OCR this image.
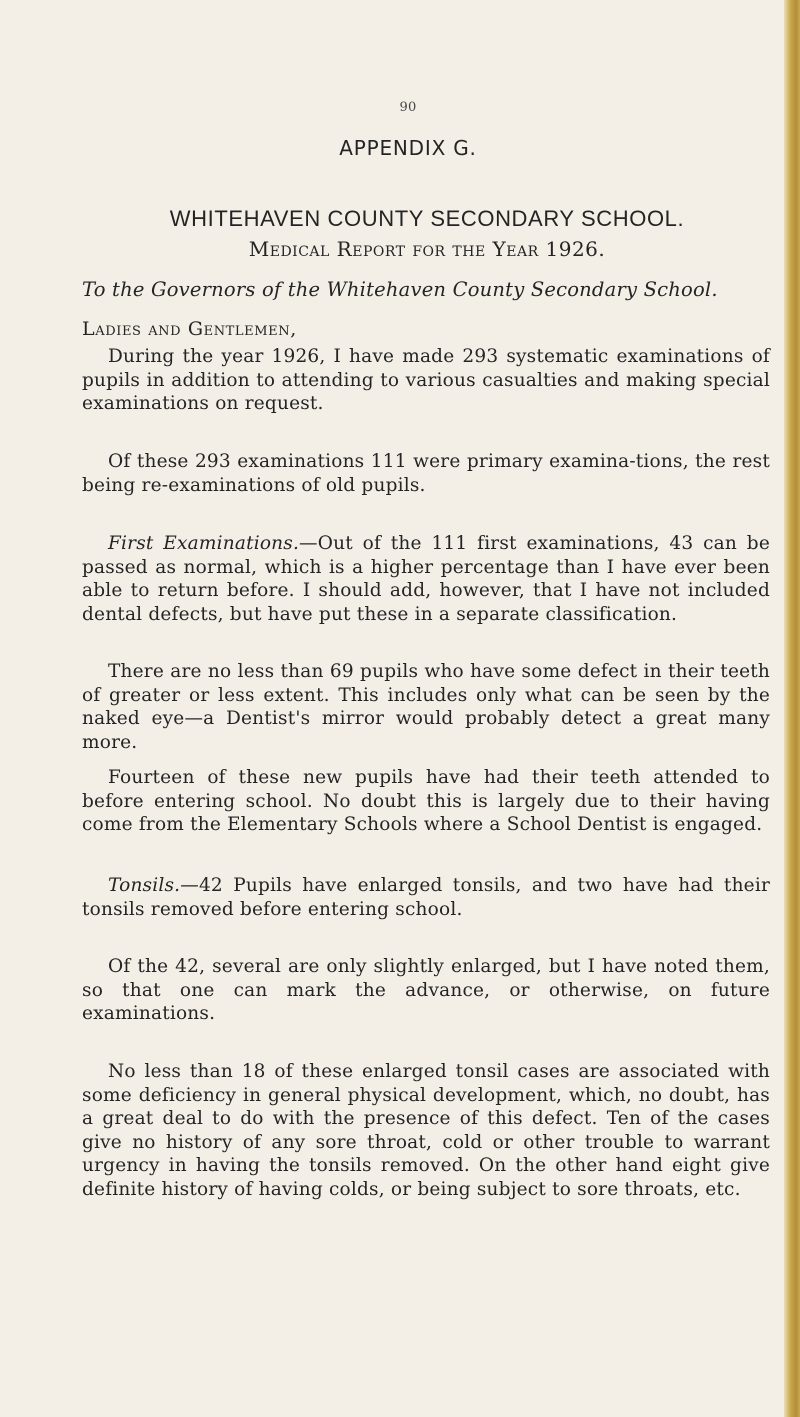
90
APPENDIX G.
WHITEHAVEN COUNTY SECONDARY SCHOOL.
Medical Report for the Year 1926.
To the Governors of the Whitehaven County Secondary School.
Ladies and Gentlemen,

During the year 1926, I have made 293 systematic examinations of pupils in addition to attending to various casualties and making special examinations on request.

Of these 293 examinations 111 were primary examina-tions, the rest being re-examinations of old pupils.

First Examinations.—Out of the 111 first examinations, 43 can be passed as normal, which is a higher percentage than I have ever been able to return before. I should add, however, that I have not included dental defects, but have put these in a separate classification.

There are no less than 69 pupils who have some defect in their teeth of greater or less extent. This includes only what can be seen by the naked eye—a Dentist's mirror would probably detect a great many more.

Fourteen of these new pupils have had their teeth attended to before entering school. No doubt this is largely due to their having come from the Elementary Schools where a School Dentist is engaged.

Tonsils.—42 Pupils have enlarged tonsils, and two have had their tonsils removed before entering school.

Of the 42, several are only slightly enlarged, but I have noted them, so that one can mark the advance, or otherwise, on future examinations.

No less than 18 of these enlarged tonsil cases are associated with some deficiency in general physical development, which, no doubt, has a great deal to do with the presence of this defect. Ten of the cases give no history of any sore throat, cold or other trouble to warrant urgency in having the tonsils removed. On the other hand eight give definite history of having colds, or being subject to sore throats, etc.
